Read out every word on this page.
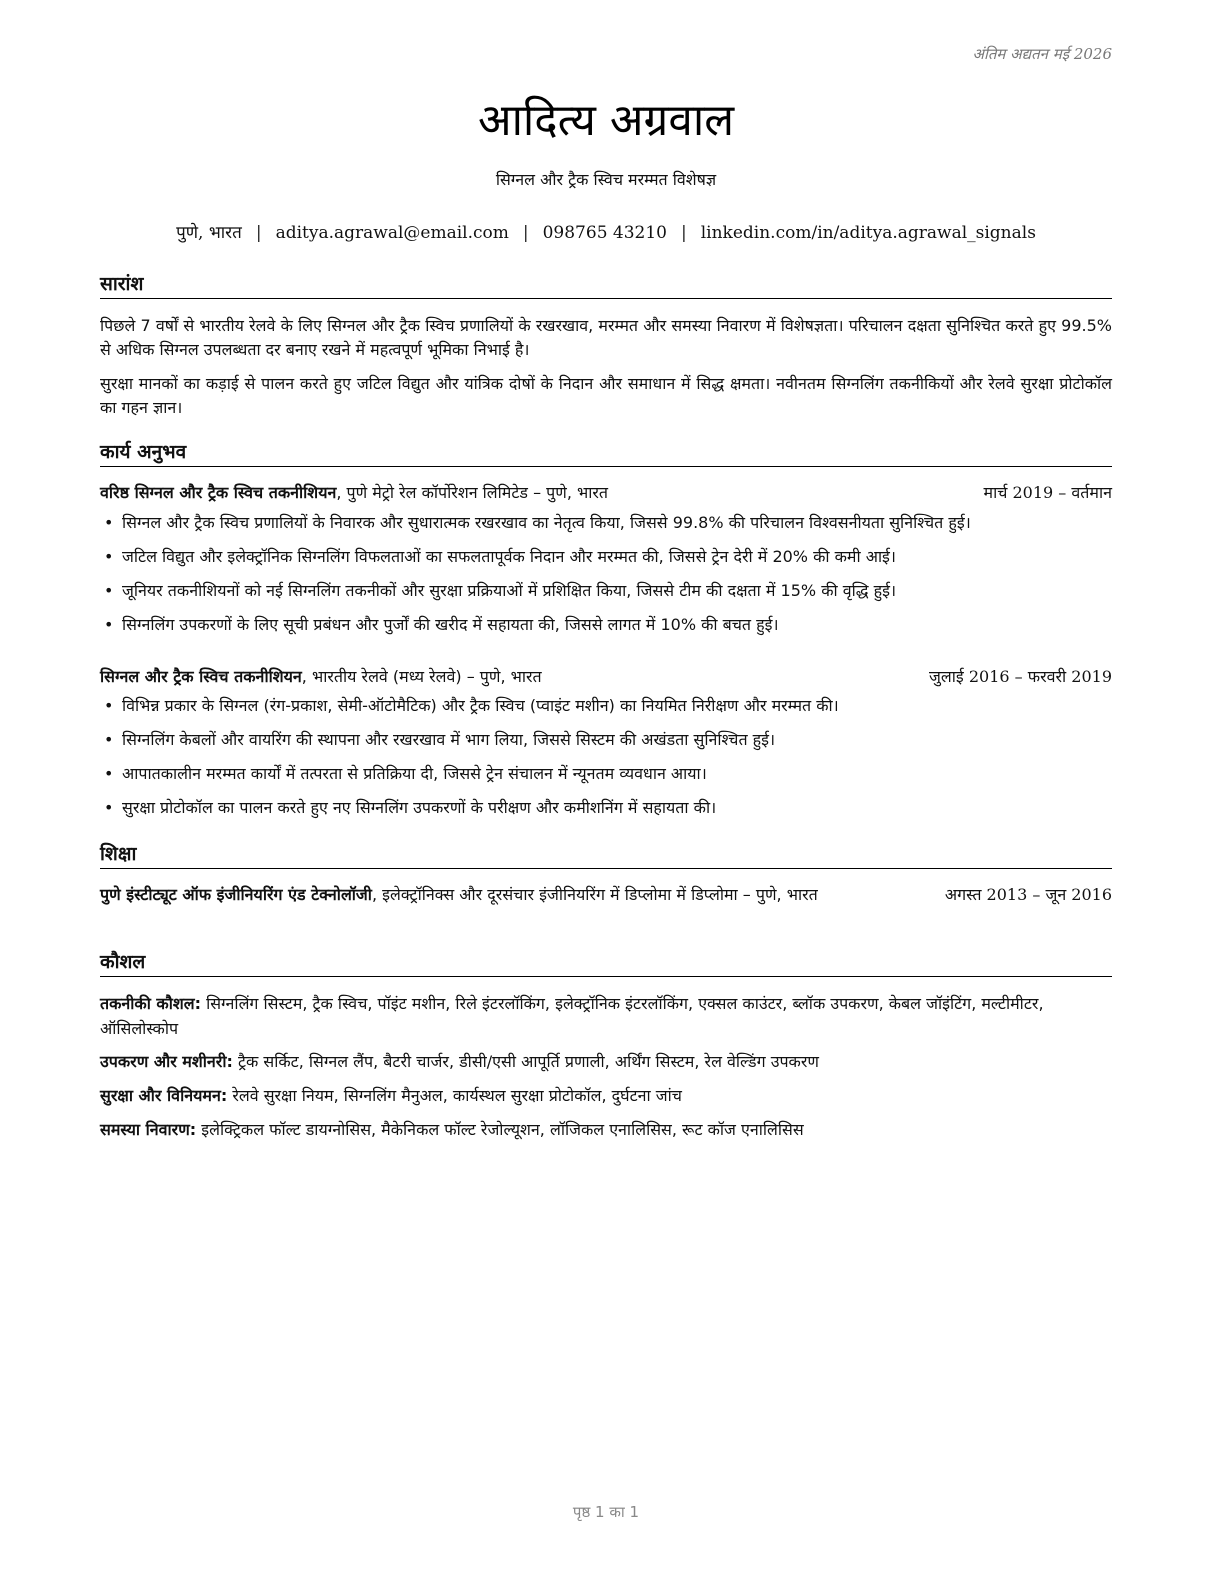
अंतिम अद्यतन मई 2026
आदित्य अग्रवाल
सिग्नल और ट्रैक स्विच मरम्मत विशेषज्ञ
पुणे, भारत | aditya.agrawal@email.com | 098765 43210 | linkedin.com/in/aditya.agrawal_signals
सारांश
पिछले 7 वर्षों से भारतीय रेलवे के लिए सिग्नल और ट्रैक स्विच प्रणालियों के रखरखाव, मरम्मत और समस्या निवारण में विशेषज्ञता। परिचालन दक्षता सुनिश्चित करते हुए 99.5% से अधिक सिग्नल उपलब्धता दर बनाए रखने में महत्वपूर्ण भूमिका निभाई है।
सुरक्षा मानकों का कड़ाई से पालन करते हुए जटिल विद्युत और यांत्रिक दोषों के निदान और समाधान में सिद्ध क्षमता। नवीनतम सिग्नलिंग तकनीकियों और रेलवे सुरक्षा प्रोटोकॉल का गहन ज्ञान।
कार्य अनुभव
वरिष्ठ सिग्नल और ट्रैक स्विच तकनीशियन, पुणे मेट्रो रेल कॉर्पोरेशन लिमिटेड – पुणे, भारत	मार्च 2019 – वर्तमान
• सिग्नल और ट्रैक स्विच प्रणालियों के निवारक और सुधारात्मक रखरखाव का नेतृत्व किया, जिससे 99.8% की परिचालन विश्वसनीयता सुनिश्चित हुई।
• जटिल विद्युत और इलेक्ट्रॉनिक सिग्नलिंग विफलताओं का सफलतापूर्वक निदान और मरम्मत की, जिससे ट्रेन देरी में 20% की कमी आई।
• जूनियर तकनीशियनों को नई सिग्नलिंग तकनीकों और सुरक्षा प्रक्रियाओं में प्रशिक्षित किया, जिससे टीम की दक्षता में 15% की वृद्धि हुई।
• सिग्नलिंग उपकरणों के लिए सूची प्रबंधन और पुर्जों की खरीद में सहायता की, जिससे लागत में 10% की बचत हुई।
सिग्नल और ट्रैक स्विच तकनीशियन, भारतीय रेलवे (मध्य रेलवे) – पुणे, भारत	जुलाई 2016 – फरवरी 2019
• विभिन्न प्रकार के सिग्नल (रंग-प्रकाश, सेमी-ऑटोमैटिक) और ट्रैक स्विच (प्वाइंट मशीन) का नियमित निरीक्षण और मरम्मत की।
• सिग्नलिंग केबलों और वायरिंग की स्थापना और रखरखाव में भाग लिया, जिससे सिस्टम की अखंडता सुनिश्चित हुई।
• आपातकालीन मरम्मत कार्यों में तत्परता से प्रतिक्रिया दी, जिससे ट्रेन संचालन में न्यूनतम व्यवधान आया।
• सुरक्षा प्रोटोकॉल का पालन करते हुए नए सिग्नलिंग उपकरणों के परीक्षण और कमीशनिंग में सहायता की।
शिक्षा
पुणे इंस्टीट्यूट ऑफ इंजीनियरिंग एंड टेक्नोलॉजी, इलेक्ट्रॉनिक्स और दूरसंचार इंजीनियरिंग में डिप्लोमा में डिप्लोमा – पुणे, भारत	अगस्त 2013 – जून 2016
कौशल
तकनीकी कौशल: सिग्नलिंग सिस्टम, ट्रैक स्विच, पॉइंट मशीन, रिले इंटरलॉकिंग, इलेक्ट्रॉनिक इंटरलॉकिंग, एक्सल काउंटर, ब्लॉक उपकरण, केबल जॉइंटिंग, मल्टीमीटर, ऑसिलोस्कोप
उपकरण और मशीनरी: ट्रैक सर्किट, सिग्नल लैंप, बैटरी चार्जर, डीसी/एसी आपूर्ति प्रणाली, अर्थिंग सिस्टम, रेल वेल्डिंग उपकरण
सुरक्षा और विनियमन: रेलवे सुरक्षा नियम, सिग्नलिंग मैनुअल, कार्यस्थल सुरक्षा प्रोटोकॉल, दुर्घटना जांच
समस्या निवारण: इलेक्ट्रिकल फॉल्ट डायग्नोसिस, मैकेनिकल फॉल्ट रेजोल्यूशन, लॉजिकल एनालिसिस, रूट कॉज एनालिसिस
पृष्ठ 1 का 1
